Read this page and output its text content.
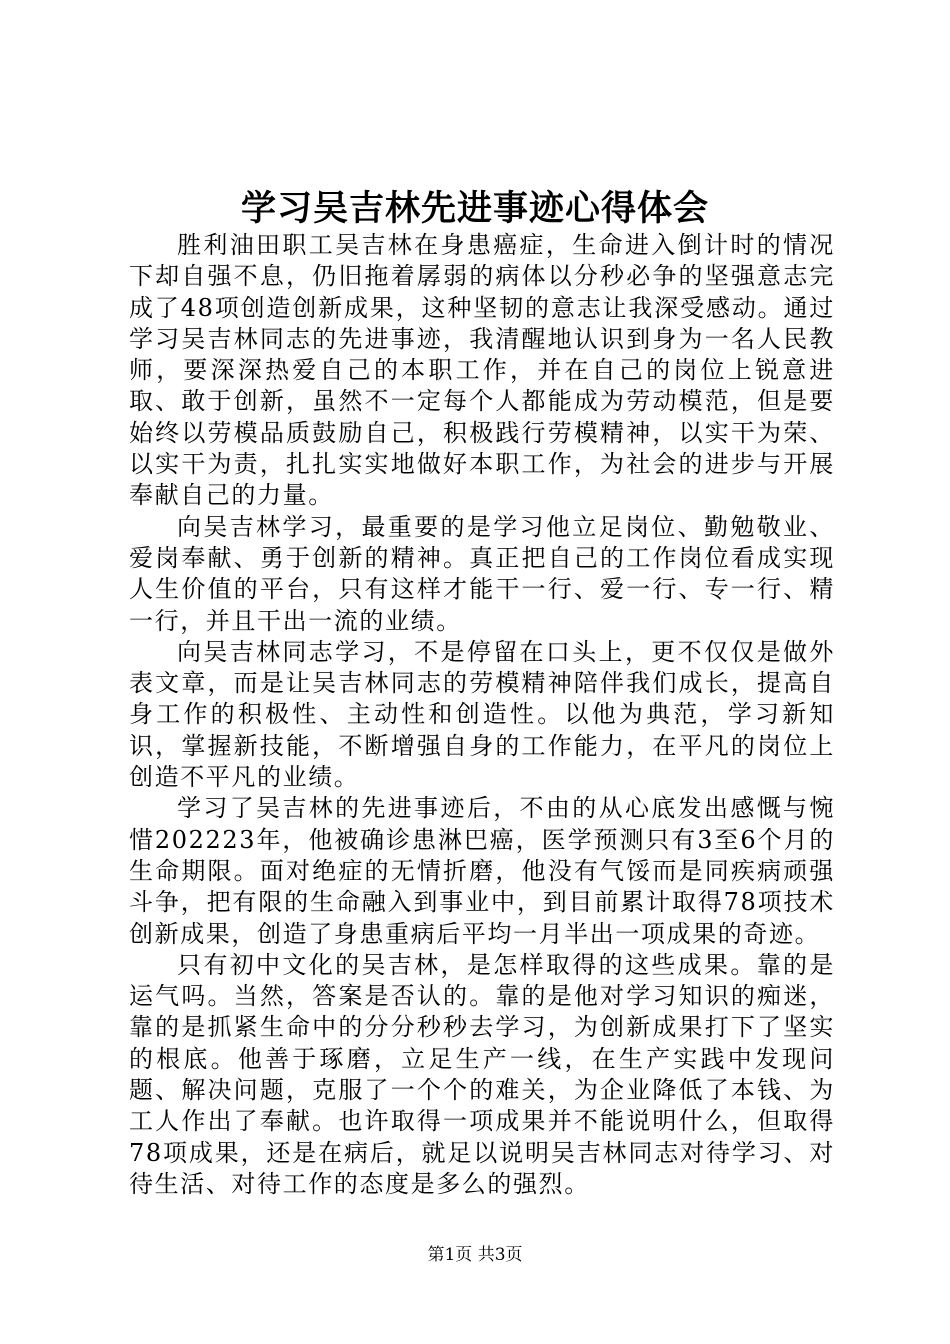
学习吴吉林先进事迹心得体会

胜利油田职工吴吉林在身患癌症，生命进入倒计时的情况下却自强不息，仍旧拖着孱弱的病体以分秒必争的坚强意志完成了48项创造创新成果，这种坚韧的意志让我深受感动。通过学习吴吉林同志的先进事迹，我清醒地认识到身为一名人民教师，要深深热爱自己的本职工作，并在自己的岗位上锐意进取、敢于创新，虽然不一定每个人都能成为劳动模范，但是要始终以劳模品质鼓励自己，积极践行劳模精神，以实干为荣、以实干为责，扎扎实实地做好本职工作，为社会的进步与开展奉献自己的力量。

向吴吉林学习，最重要的是学习他立足岗位、勤勉敬业、爱岗奉献、勇于创新的精神。真正把自己的工作岗位看成实现人生价值的平台，只有这样才能干一行、爱一行、专一行、精一行，并且干出一流的业绩。

向吴吉林同志学习，不是停留在口头上，更不仅仅是做外表文章，而是让吴吉林同志的劳模精神陪伴我们成长，提高自身工作的积极性、主动性和创造性。以他为典范，学习新知识，掌握新技能，不断增强自身的工作能力，在平凡的岗位上创造不平凡的业绩。

学习了吴吉林的先进事迹后，不由的从心底发出感慨与惋惜202223年，他被确诊患淋巴癌，医学预测只有3至6个月的生命期限。面对绝症的无情折磨，他没有气馁而是同疾病顽强斗争，把有限的生命融入到事业中，到目前累计取得78项技术创新成果，创造了身患重病后平均一月半出一项成果的奇迹。

只有初中文化的吴吉林，是怎样取得的这些成果。靠的是运气吗。当然，答案是否认的。靠的是他对学习知识的痴迷，靠的是抓紧生命中的分分秒秒去学习，为创新成果打下了坚实的根底。他善于琢磨，立足生产一线，在生产实践中发现问题、解决问题，克服了一个个的难关，为企业降低了本钱、为工人作出了奉献。也许取得一项成果并不能说明什么，但取得78项成果，还是在病后，就足以说明吴吉林同志对待学习、对待生活、对待工作的态度是多么的强烈。

第1页 共3页
